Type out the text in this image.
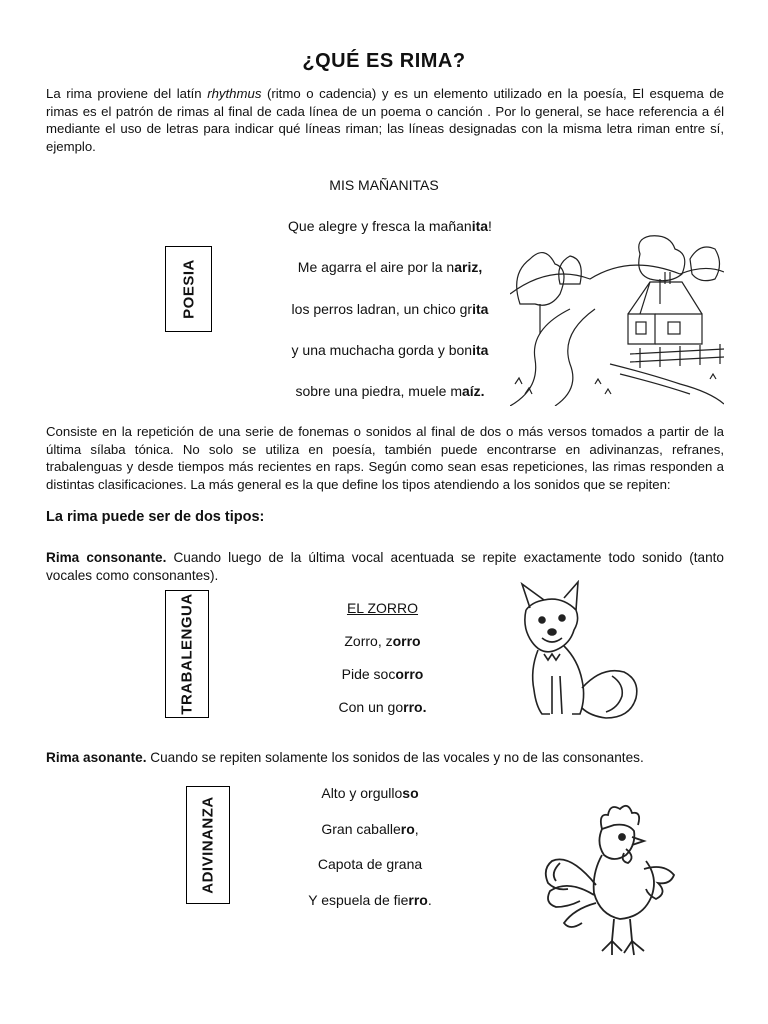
¿QUÉ ES RIMA?
La rima proviene del latín rhythmus (ritmo o cadencia) y es un elemento utilizado en la poesía, El esquema de rimas es el patrón de rimas al final de cada línea de un poema o canción . Por lo general, se hace referencia a él mediante el uso de letras para indicar qué líneas riman; las líneas designadas con la misma letra riman entre sí, ejemplo.
MIS MAÑANITAS
POESIA
Que alegre y fresca la mañanita!
Me agarra el aire por la nariz,
los perros ladran, un chico grita
y una muchacha gorda y bonita
sobre una piedra, muele maíz.
Consiste en la repetición de una serie de fonemas o sonidos al final de dos o más versos tomados a partir de la última sílaba tónica. No solo se utiliza en poesía, también puede encontrarse en adivinanzas, refranes, trabalenguas y desde tiempos más recientes en raps. Según como sean esas repeticiones, las rimas responden a distintas clasificaciones. La más general es la que define los tipos atendiendo a los sonidos que se repiten:
La rima puede ser de dos tipos:
Rima consonante. Cuando luego de la última vocal acentuada se repite exactamente todo sonido (tanto vocales como consonantes).
TRABALENGUA	EL ZORRO
Zorro, zorro
Pide socorro
Con un gorro.
Rima asonante. Cuando se repiten solamente los sonidos de las vocales y no de las consonantes.
ADIVINANZA
Alto y orgulloso
Gran caballero,
Capota de grana
Y espuela de fierro.
